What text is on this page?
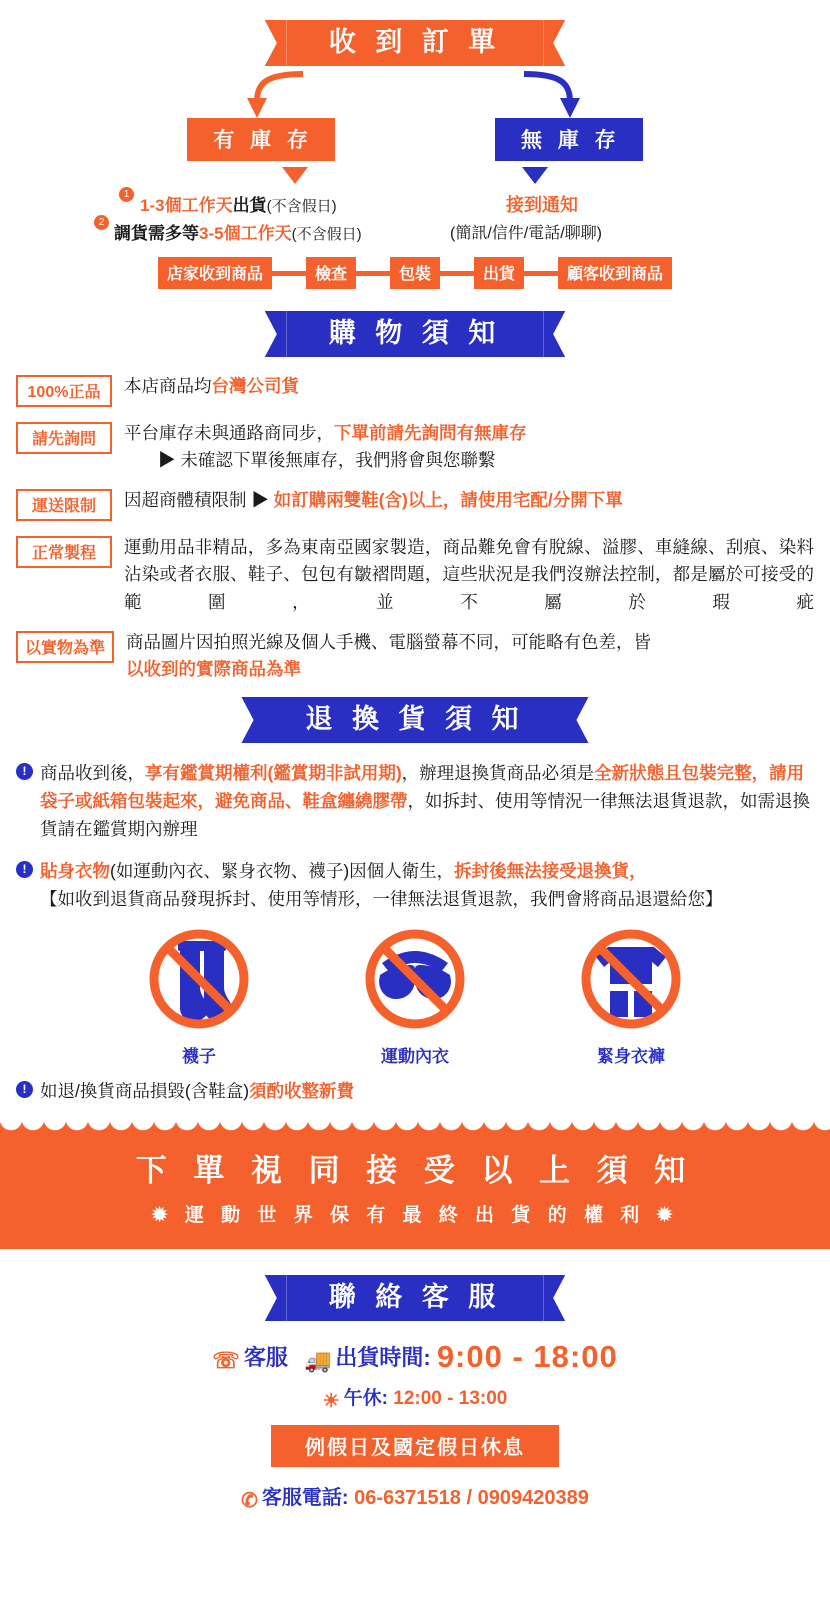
收 到 訂 單
有 庫 存	無 庫 存
1
1-3個工作天出貨(不含假日)
2
調貨需多等3-5個工作天(不含假日)
接到通知
(簡訊/信件/電話/聊聊)
店家收到商品	檢查	包裝	出貨	顧客收到商品
購 物 須 知
100%正品	本店商品均台灣公司貨
請先詢問	平台庫存未與通路商同步，下單前請先詢問有無庫存
▶ 未確認下單後無庫存，我們將會與您聯繫
運送限制	因超商體積限制 ▶ 如訂購兩雙鞋(含)以上，請使用宅配/分開下單
正常製程	運動用品非精品，多為東南亞國家製造，商品難免會有脫線、溢膠、車縫線、刮痕、染料沾染或者衣服、鞋子、包包有皺褶問題，這些狀況是我們沒辦法控制，都是屬於可接受的範圍，並不屬於瑕疵
以實物為準	商品圖片因拍照光線及個人手機、電腦螢幕不同，可能略有色差，皆
以收到的實際商品為準
退 換 貨 須 知
! 商品收到後，享有鑑賞期權利(鑑賞期非試用期)，辦理退換貨商品必須是全新狀態且包裝完整，請用袋子或紙箱包裝起來，避免商品、鞋盒纏繞膠帶，如拆封、使用等情況一律無法退貨退款，如需退換貨請在鑑賞期內辦理
! 貼身衣物(如運動內衣、緊身衣物、襪子)因個人衛生，拆封後無法接受退換貨，
【如收到退貨商品發現拆封、使用等情形，一律無法退貨退款，我們會將商品退還給您】
襪子	運動內衣	緊身衣褲
! 如退/換貨商品損毀(含鞋盒)須酌收整新費
下 單 視 同 接 受 以 上 須 知
✹ 運 動 世 界 保 有 最 終 出 貨 的 權 利 ✹
聯 絡 客 服
☏ 客服 🚚 出貨時間: 9:00 - 18:00
☀ 午休: 12:00 - 13:00
例假日及國定假日休息
✆ 客服電話: 06-6371518 / 0909420389
